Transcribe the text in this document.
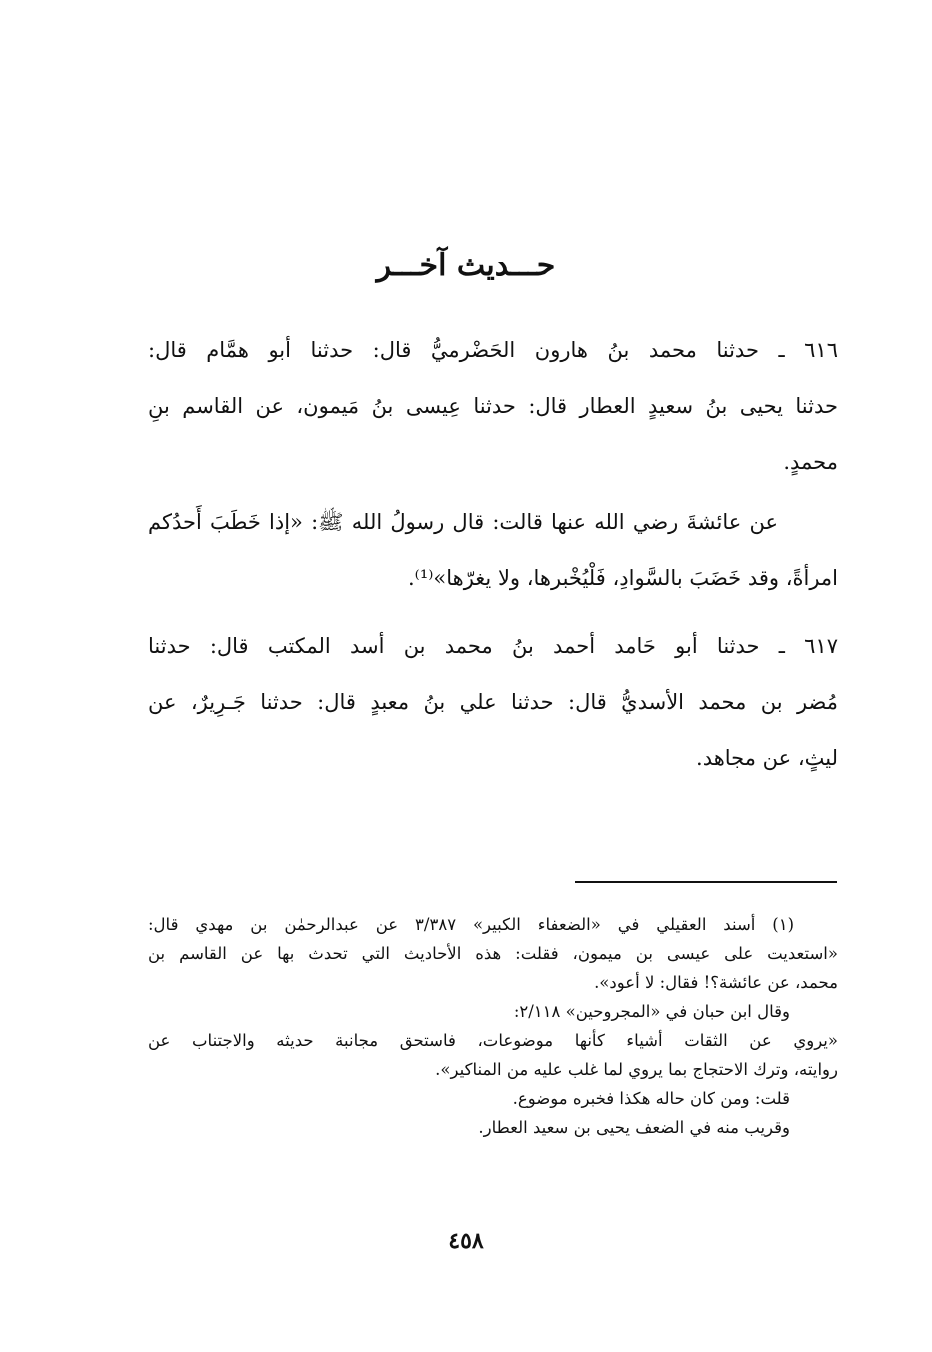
حـــديث آخـــر
٦١٦ ـ حدثنا محمد بنُ هارون الحَضْرميُّ قال: حدثنا أبو همَّام قال:
حدثنا يحيى بنُ سعيدٍ العطار قال: حدثنا عِيسى بنُ مَيمون، عن القاسم بنِ
محمدٍ.
عن عائشةَ رضي الله عنها قالت: قال رسولُ الله ﷺ: «إذا خَطَبَ أَحدُكم
امرأةً، وقد خَضَبَ بالسَّوادِ، فَلْيُخْبرها، ولا يغرّها»⁽¹⁾.
٦١٧ ـ حدثنا أبو حَامد أحمد بنُ محمد بن أسد المكتب قال: حدثنا
مُضر بن محمد الأسديُّ قال: حدثنا علي بنُ معبدٍ قال: حدثنا جَـرِيرٌ، عن
ليثٍ، عن مجاهد.
(١) أسند العقيلي في «الضعفاء الكبير» ٣/٣٨٧ عن عبدالرحمٰن بن مهدي قال:
«استعديت على عيسى بن ميمون، فقلت: هذه الأحاديث التي تحدث بها عن القاسم بن
محمد، عن عائشة؟! فقال: لا أعود».
وقال ابن حبان في «المجروحين» ٢/١١٨:
«يروي عن الثقات أشياء كأنها موضوعات، فاستحق مجانبة حديثه والاجتناب عن
روايته، وترك الاحتجاج بما يروي لما غلب عليه من المناكير».
قلت: ومن كان حاله هكذا فخبره موضوع.
وقريب منه في الضعف يحيى بن سعيد العطار.
٤٥٨
